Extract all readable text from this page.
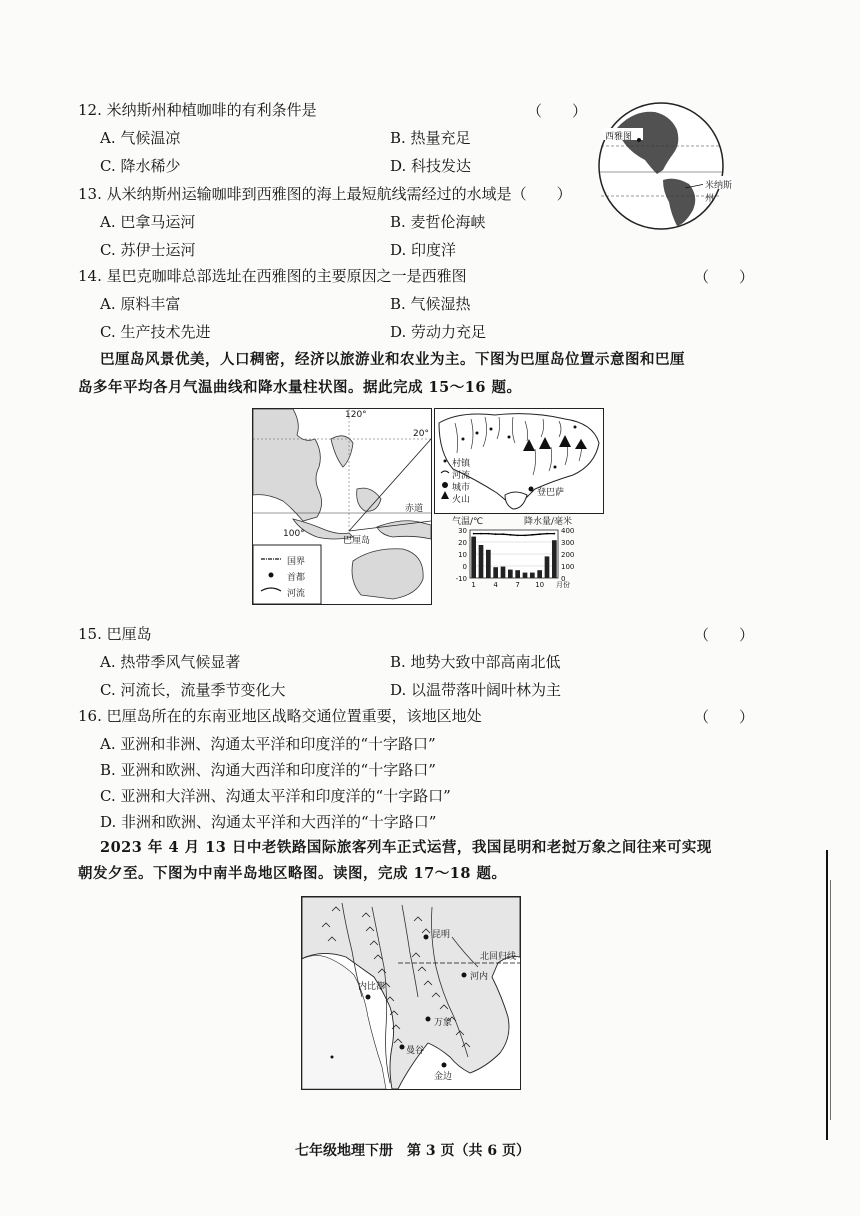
12. 米纳斯州种植咖啡的有利条件是	（　　）
A. 气候温凉	B. 热量充足
C. 降水稀少	D. 科技发达
西雅图
米纳斯州
13. 从米纳斯州运输咖啡到西雅图的海上最短航线需经过的水域是（　　）
A. 巴拿马运河	B. 麦哲伦海峡
C. 苏伊士运河	D. 印度洋
14. 星巴克咖啡总部选址在西雅图的主要原因之一是西雅图	（　　）
A. 原料丰富	B. 气候湿热
C. 生产技术先进	D. 劳动力充足
巴厘岛风景优美，人口稠密，经济以旅游业和农业为主。下图为巴厘岛位置示意图和巴厘
岛多年平均各月气温曲线和降水量柱状图。据此完成 15～16 题。
120°
20°
赤道
100°
巴厘岛
国界
首都
河流
村镇
河流
城市
火山
登巴萨
气温/℃	降水量/毫米
30
20
10
0
-10
400
300
200
100
0
1	4	7 10 月份
15. 巴厘岛	（　　）
A. 热带季风气候显著	B. 地势大致中部高南北低
C. 河流长，流量季节变化大	D. 以温带落叶阔叶林为主
16. 巴厘岛所在的东南亚地区战略交通位置重要，该地区地处	（　　）
A. 亚洲和非洲、沟通太平洋和印度洋的“十字路口”
B. 亚洲和欧洲、沟通大西洋和印度洋的“十字路口”
C. 亚洲和大洋洲、沟通太平洋和印度洋的“十字路口”
D. 非洲和欧洲、沟通太平洋和大西洋的“十字路口”
2023 年 4 月 13 日中老铁路国际旅客列车正式运营，我国昆明和老挝万象之间往来可实现
朝发夕至。下图为中南半岛地区略图。读图，完成 17～18 题。
昆明
北回归线
内比都
河内
万象
曼谷
金边
七年级地理下册　第 3 页（共 6 页）
